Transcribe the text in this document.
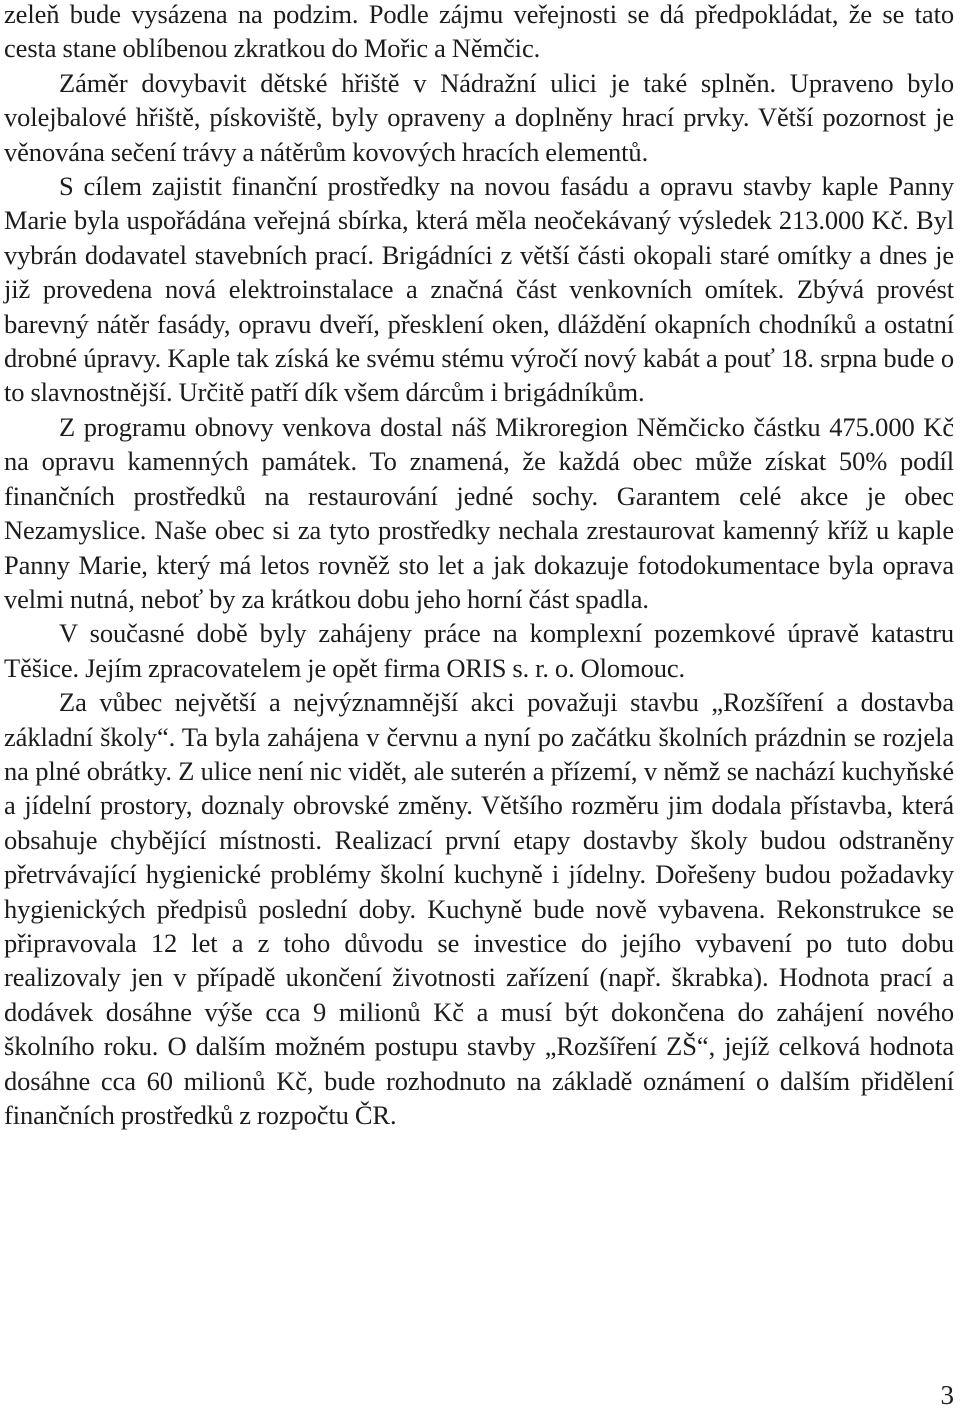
zeleň bude vysázena na podzim. Podle zájmu veřejnosti se dá předpokládat, že se tato cesta stane oblíbenou zkratkou do Mořic a Němčic.

Záměr dovybavit dětské hřiště v Nádražní ulici je také splněn. Upraveno bylo volejbalové hřiště, pískoviště, byly opraveny a doplněny hrací prvky. Větší pozornost je věnována sečení trávy a nátěrům kovových hracích elementů.

S cílem zajistit finanční prostředky na novou fasádu a opravu stavby kaple Panny Marie byla uspořádána veřejná sbírka, která měla neočekávaný výsledek 213.000 Kč. Byl vybrán dodavatel stavebních prací. Brigádníci z větší části okopali staré omítky a dnes je již provedena nová elektroinstalace a značná část venkovních omítek. Zbývá provést barevný nátěr fasády, opravu dveří, přesklení oken, dláždění okapních chodníků a ostatní drobné úpravy. Kaple tak získá ke svému stému výročí nový kabát a pouť 18. srpna bude o to slavnostnější. Určitě patří dík všem dárcům i brigádníkům.

Z programu obnovy venkova dostal náš Mikroregion Němčicko částku 475.000 Kč na opravu kamenných památek. To znamená, že každá obec může získat 50% podíl finančních prostředků na restaurování jedné sochy. Garantem celé akce je obec Nezamyslice. Naše obec si za tyto prostředky nechala zrestaurovat kamenný kříž u kaple Panny Marie, který má letos rovněž sto let a jak dokazuje fotodokumentace byla oprava velmi nutná, neboť by za krátkou dobu jeho horní část spadla.

V současné době byly zahájeny práce na komplexní pozemkové úpravě katastru Těšice. Jejím zpracovatelem je opět firma ORIS s. r. o. Olomouc.

Za vůbec největší a nejvýznamnější akci považuji stavbu „Rozšíření a dostavba základní školy“. Ta byla zahájena v červnu a nyní po začátku školních prázdnin se rozjela na plné obrátky. Z ulice není nic vidět, ale suterén a přízemí, v němž se nachází kuchyňské a jídelní prostory, doznaly obrovské změny. Většího rozměru jim dodala přístavba, která obsahuje chybějící místnosti. Realizací první etapy dostavby školy budou odstraněny přetrvávající hygienické problémy školní kuchyně i jídelny. Dořešeny budou požadavky hygienických předpisů poslední doby. Kuchyně bude nově vybavena. Rekonstrukce se připravovala 12 let a z toho důvodu se investice do jejího vybavení po tuto dobu realizovaly jen v případě ukončení životnosti zařízení (např. škrabka). Hodnota prací a dodávek dosáhne výše cca 9 milionů Kč a musí být dokončena do zahájení nového školního roku. O dalším možném postupu stavby „Rozšíření ZŠ“, jejíž celková hodnota dosáhne cca 60 milionů Kč, bude rozhodnuto na základě oznámení o dalším přidělení finančních prostředků z rozpočtu ČR.

3
